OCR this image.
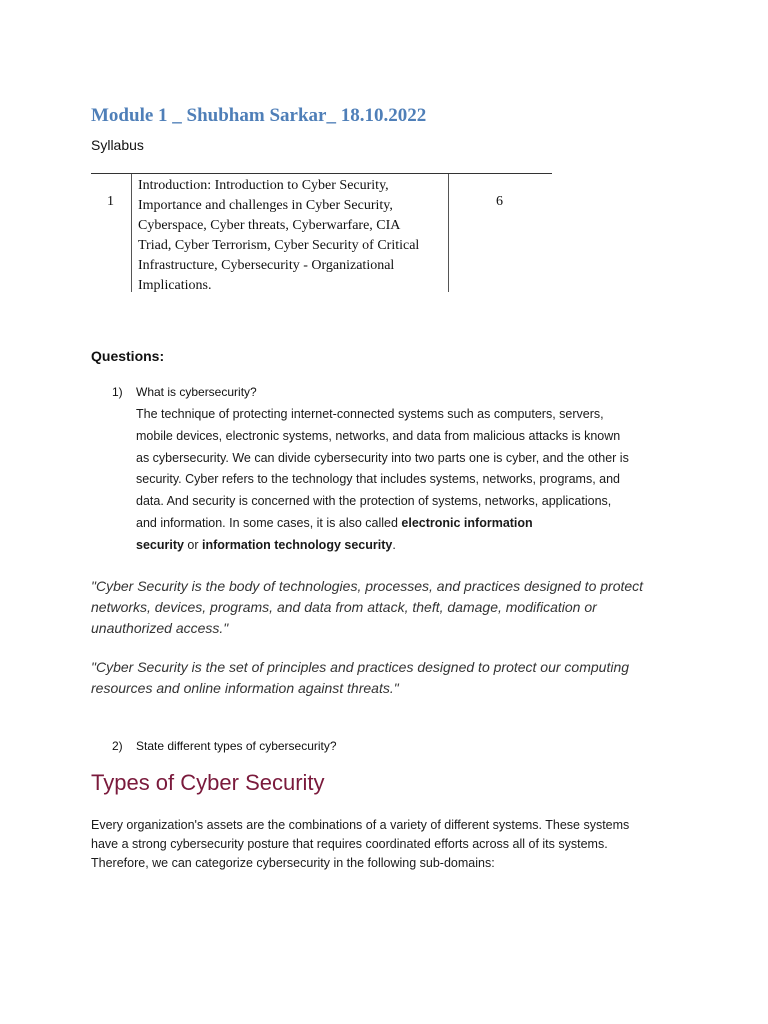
Module 1 _ Shubham Sarkar_ 18.10.2022
Syllabus
1
Introduction: Introduction to Cyber Security,
Importance and challenges in Cyber Security,
Cyberspace, Cyber threats, Cyberwarfare, CIA
Triad, Cyber Terrorism, Cyber Security of Critical
Infrastructure, Cybersecurity - Organizational
Implications.
6
Questions:
1) What is cybersecurity?
The technique of protecting internet-connected systems such as computers, servers,
mobile devices, electronic systems, networks, and data from malicious attacks is known
as cybersecurity. We can divide cybersecurity into two parts one is cyber, and the other is
security. Cyber refers to the technology that includes systems, networks, programs, and
data. And security is concerned with the protection of systems, networks, applications,
and information. In some cases, it is also called electronic information
security or information technology security.
"Cyber Security is the body of technologies, processes, and practices designed to protect
networks, devices, programs, and data from attack, theft, damage, modification or
unauthorized access."
"Cyber Security is the set of principles and practices designed to protect our computing
resources and online information against threats."
2) State different types of cybersecurity?
Types of Cyber Security
Every organization's assets are the combinations of a variety of different systems. These systems
have a strong cybersecurity posture that requires coordinated efforts across all of its systems.
Therefore, we can categorize cybersecurity in the following sub-domains:
